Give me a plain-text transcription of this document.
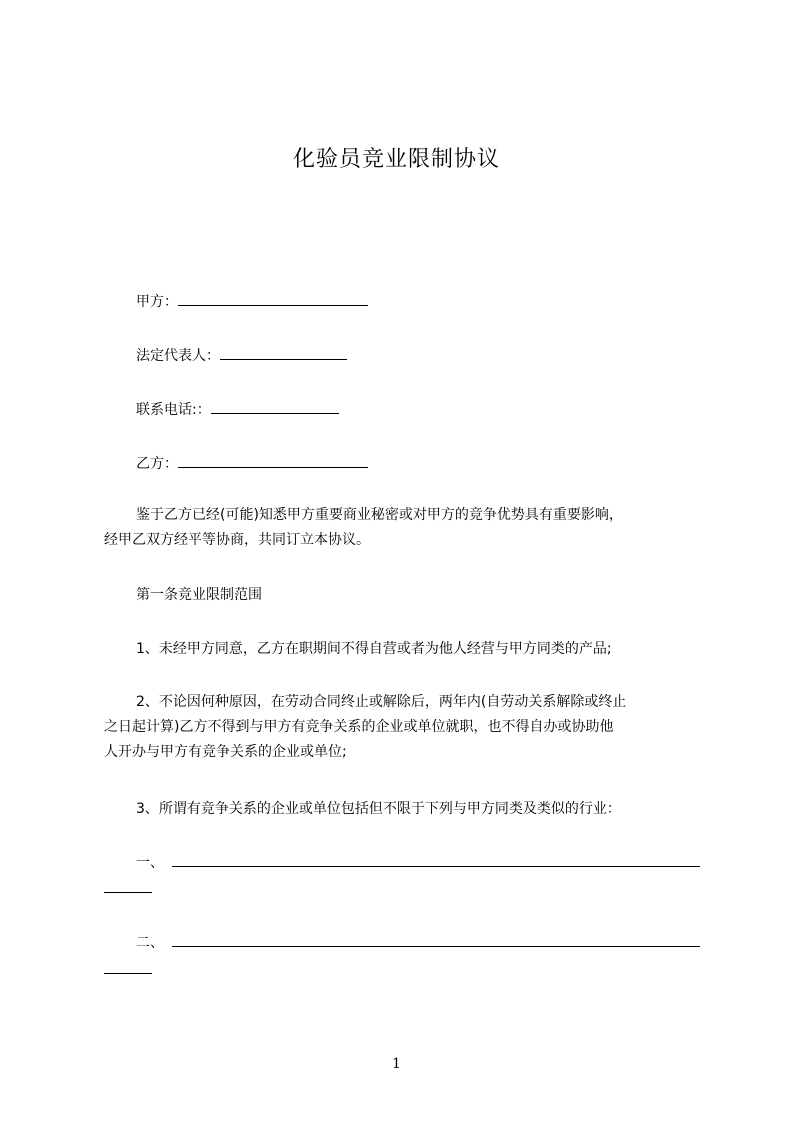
化验员竞业限制协议
甲方：
法定代表人：
联系电话:：
乙方：
鉴于乙方已经(可能)知悉甲方重要商业秘密或对甲方的竞争优势具有重要影响，
经甲乙双方经平等协商，共同订立本协议。
第一条竞业限制范围
1、未经甲方同意，乙方在职期间不得自营或者为他人经营与甲方同类的产品;
2、不论因何种原因，在劳动合同终止或解除后，两年内(自劳动关系解除或终止
之日起计算)乙方不得到与甲方有竞争关系的企业或单位就职，也不得自办或协助他
人开办与甲方有竞争关系的企业或单位;
3、所谓有竞争关系的企业或单位包括但不限于下列与甲方同类及类似的行业：
一、
二、
1
